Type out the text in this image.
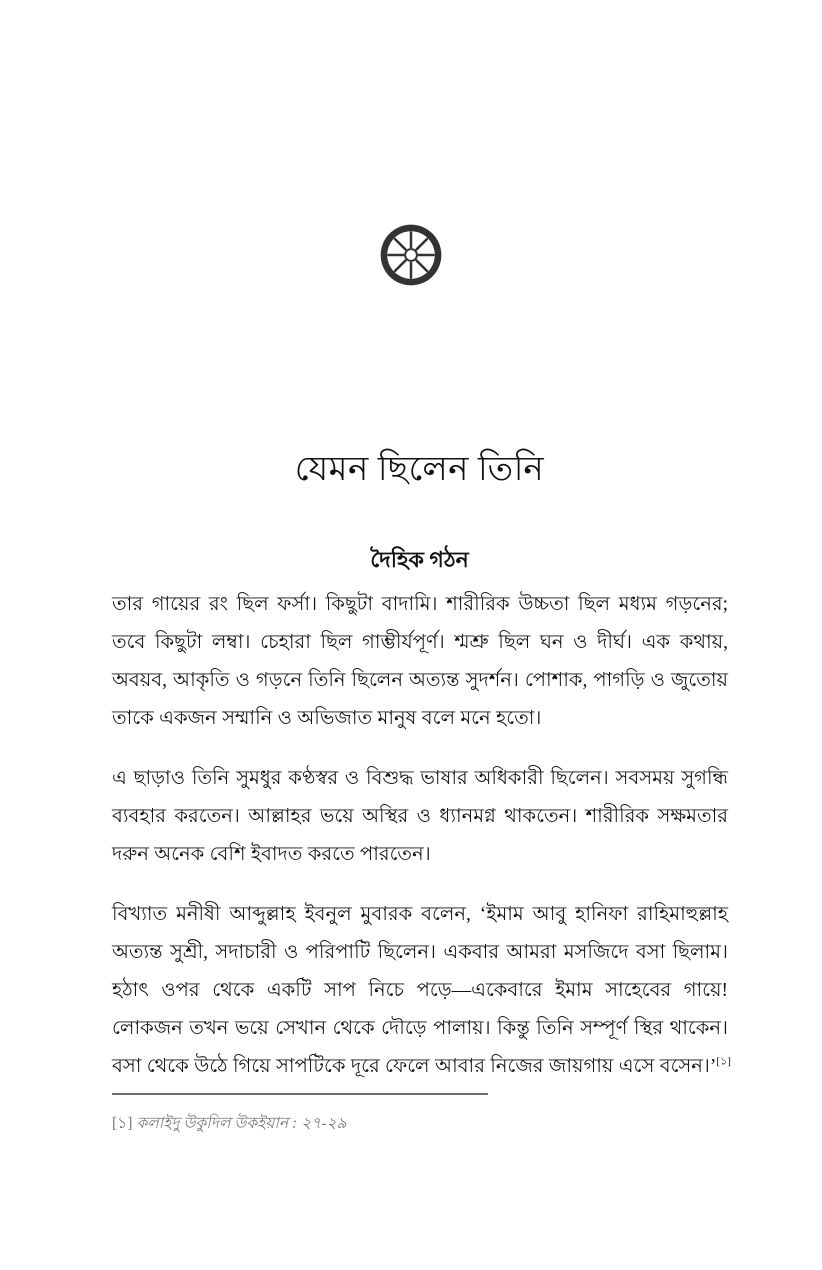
যেমন ছিলেন তিনি
দৈহিক গঠন

তার গায়ের রং ছিল ফর্সা। কিছুটা বাদামি। শারীরিক উচ্চতা ছিল মধ্যম গড়নের;
তবে কিছুটা লম্বা। চেহারা ছিল গাম্ভীর্যপূর্ণ। শ্মশ্রু ছিল ঘন ও দীর্ঘ। এক কথায়,
অবয়ব, আকৃতি ও গড়নে তিনি ছিলেন অত্যন্ত সুদর্শন। পোশাক, পাগড়ি ও জুতোয়
তাকে একজন সম্মানি ও অভিজাত মানুষ বলে মনে হতো।

এ ছাড়াও তিনি সুমধুর কণ্ঠস্বর ও বিশুদ্ধ ভাষার অধিকারী ছিলেন। সবসময় সুগন্ধি
ব্যবহার করতেন। আল্লাহর ভয়ে অস্থির ও ধ্যানমগ্ন থাকতেন। শারীরিক সক্ষমতার
দরুন অনেক বেশি ইবাদত করতে পারতেন।

বিখ্যাত মনীষী আব্দুল্লাহ ইবনুল মুবারক বলেন, ‘ইমাম আবু হানিফা রাহিমাহুল্লাহ
অত্যন্ত সুশ্রী, সদাচারী ও পরিপাটি ছিলেন। একবার আমরা মসজিদে বসা ছিলাম।
হঠাৎ ওপর থেকে একটি সাপ নিচে পড়ে—একেবারে ইমাম সাহেবের গায়ে!
লোকজন তখন ভয়ে সেখান থেকে দৌড়ে পালায়। কিন্তু তিনি সম্পূর্ণ স্থির থাকেন।
বসা থেকে উঠে গিয়ে সাপটিকে দূরে ফেলে আবার নিজের জায়গায় এসে বসেন।’[১]

[১] কলাইদু উকুদিল উকইয়ান : ২৭-২৯
